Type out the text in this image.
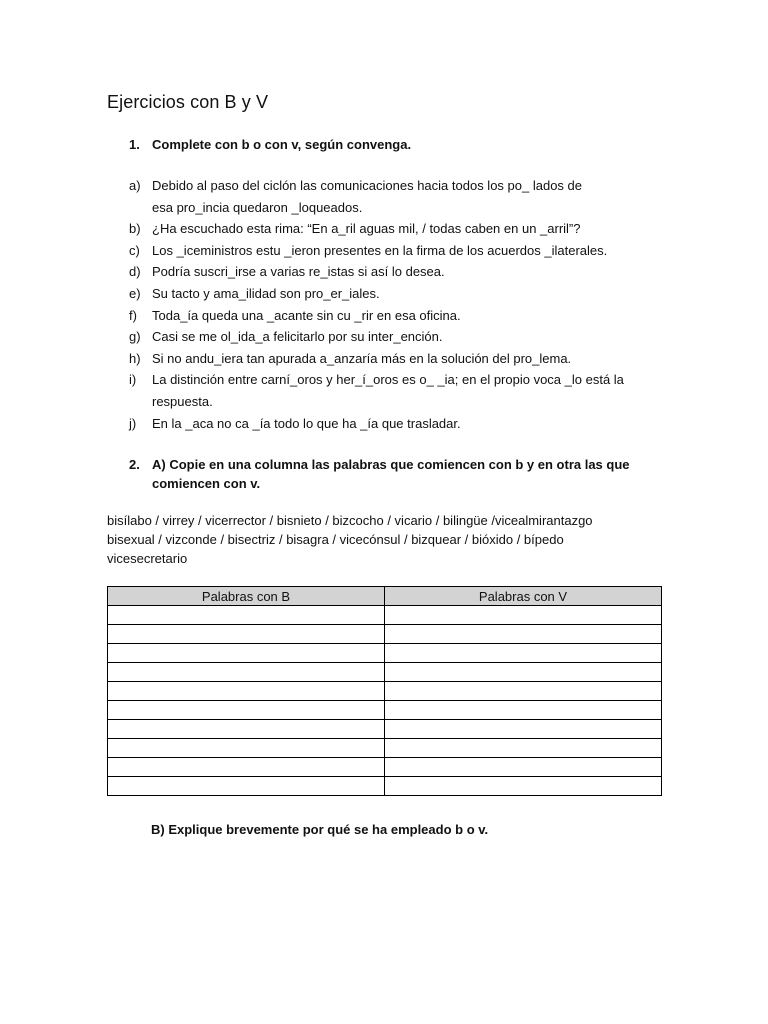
Ejercicios con B y V
1. Complete con b o con v, según convenga.
a) Debido al paso del ciclón las comunicaciones hacia todos los po_ lados de
esa pro_incia quedaron _loqueados.
b) ¿Ha escuchado esta rima: “En a_ril aguas mil, / todas caben en un _arril”?
c) Los _iceministros estu _ieron presentes en la firma de los acuerdos _ilaterales.
d) Podría suscri_irse a varias re_istas si así lo desea.
e) Su tacto y ama_ilidad son pro_er_iales.
f) Toda_ía queda una _acante sin cu _rir en esa oficina.
g) Casi se me ol_ida_a felicitarlo por su inter_ención.
h) Si no andu_iera tan apurada a_anzaría más en la solución del pro_lema.
i) La distinción entre carní_oros y her_í_oros es o_ _ia; en el propio voca _lo está la
respuesta.
j) En la _aca no ca _ía todo lo que ha _ía que trasladar.
2. A) Copie en una columna las palabras que comiencen con b y en otra las que
comiencen con v.
bisílabo / virrey / vicerrector / bisnieto / bizcocho / vicario / bilingüe /vicealmirantazgo
bisexual / vizconde / bisectriz / bisagra / vicecónsul / bizquear / bióxido / bípedo
vicesecretario
Palabras con B	Palabras con V

B) Explique brevemente por qué se ha empleado b o v.
